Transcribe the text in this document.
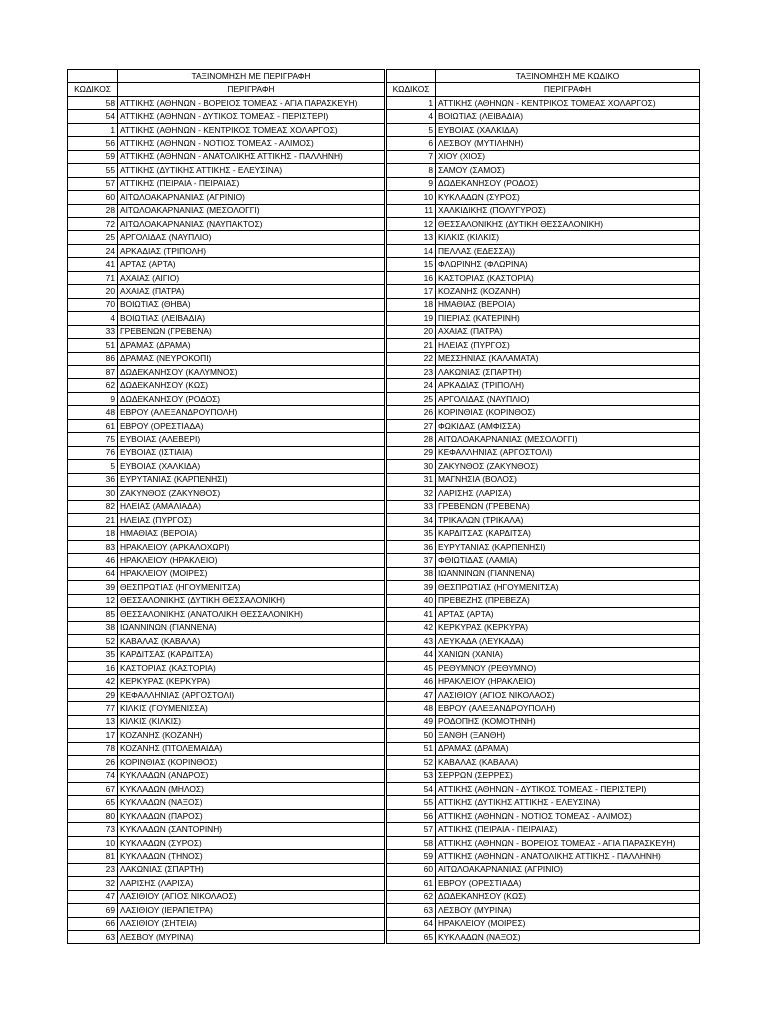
	ΤΑΞΙΝΟΜΗΣΗ ΜΕ ΠΕΡΙΓΡΑΦΗ
ΚΩΔΙΚΟΣ	ΠΕΡΙΓΡΑΦΗ
58	ΑΤΤΙΚΗΣ (ΑΘΗΝΩΝ - ΒΟΡΕΙΟΣ ΤΟΜΕΑΣ - ΑΓΙΑ ΠΑΡΑΣΚΕΥΗ)
54	ΑΤΤΙΚΗΣ (ΑΘΗΝΩΝ - ΔΥΤΙΚΟΣ ΤΟΜΕΑΣ - ΠΕΡΙΣΤΕΡΙ)
1	ΑΤΤΙΚΗΣ (ΑΘΗΝΩΝ - ΚΕΝΤΡΙΚΟΣ ΤΟΜΕΑΣ ΧΟΛΑΡΓΟΣ)
56	ΑΤΤΙΚΗΣ (ΑΘΗΝΩΝ - ΝΟΤΙΟΣ ΤΟΜΕΑΣ - ΑΛΙΜΟΣ)
59	ΑΤΤΙΚΗΣ (ΑΘΗΝΩΝ - ΑΝΑΤΟΛΙΚΗΣ ΑΤΤΙΚΗΣ - ΠΑΛΛΗΝΗ)
55	ΑΤΤΙΚΗΣ (ΔΥΤΙΚΗΣ ΑΤΤΙΚΗΣ - ΕΛΕΥΣΙΝΑ)
57	ΑΤΤΙΚΗΣ (ΠΕΙΡΑΙΑ - ΠΕΙΡΑΙΑΣ)
60	ΑΙΤΩΛΟΑΚΑΡΝΑΝΙΑΣ (ΑΓΡΙΝΙΟ)
28	ΑΙΤΩΛΟΑΚΑΡΝΑΝΙΑΣ (ΜΕΣΟΛΟΓΓΙ)
72	ΑΙΤΩΛΟΑΚΑΡΝΑΝΙΑΣ (ΝΑΥΠΑΚΤΟΣ)
25	ΑΡΓΟΛΙΔΑΣ (ΝΑΥΠΛΙΟ)
24	ΑΡΚΑΔΙΑΣ (ΤΡΙΠΟΛΗ)
41	ΑΡΤΑΣ (ΑΡΤΑ)
71	ΑΧΑΙΑΣ (ΑΙΓΙΟ)
20	ΑΧΑΙΑΣ (ΠΑΤΡΑ)
70	ΒΟΙΩΤΙΑΣ (ΘΗΒΑ)
4	ΒΟΙΩΤΙΑΣ (ΛΕΙΒΑΔΙΑ)
33	ΓΡΕΒΕΝΩΝ (ΓΡΕΒΕΝΑ)
51	ΔΡΑΜΑΣ (ΔΡΑΜΑ)
86	ΔΡΑΜΑΣ (ΝΕΥΡΟΚΟΠΙ)
87	ΔΩΔΕΚΑΝΗΣΟΥ (ΚΑΛΥΜΝΟΣ)
62	ΔΩΔΕΚΑΝΗΣΟΥ (ΚΩΣ)
9	ΔΩΔΕΚΑΝΗΣΟΥ (ΡΟΔΟΣ)
48	ΕΒΡΟΥ (ΑΛΕΞΑΝΔΡΟΥΠΟΛΗ)
61	ΕΒΡΟΥ (ΟΡΕΣΤΙΑΔΑ)
75	ΕΥΒΟΙΑΣ (ΑΛΕΒΕΡΙ)
76	ΕΥΒΟΙΑΣ (ΙΣΤΙΑΙΑ)
5	ΕΥΒΟΙΑΣ (ΧΑΛΚΙΔΑ)
36	ΕΥΡΥΤΑΝΙΑΣ (ΚΑΡΠΕΝΗΣΙ)
30	ΖΑΚΥΝΘΟΣ (ΖΑΚΥΝΘΟΣ)
82	ΗΛΕΙΑΣ (ΑΜΑΛΙΑΔΑ)
21	ΗΛΕΙΑΣ (ΠΥΡΓΟΣ)
18	ΗΜΑΘΙΑΣ (ΒΕΡΟΙΑ)
83	ΗΡΑΚΛΕΙΟΥ (ΑΡΚΑΛΟΧΩΡΙ)
46	ΗΡΑΚΛΕΙΟΥ (ΗΡΑΚΛΕΙΟ)
64	ΗΡΑΚΛΕΙΟΥ (ΜΟΙΡΕΣ)
39	ΘΕΣΠΡΩΤΙΑΣ (ΗΓΟΥΜΕΝΙΤΣΑ)
12	ΘΕΣΣΑΛΟΝΙΚΗΣ (ΔΥΤΙΚΗ ΘΕΣΣΑΛΟΝΙΚΗ)
85	ΘΕΣΣΑΛΟΝΙΚΗΣ (ΑΝΑΤΟΛΙΚΗ ΘΕΣΣΑΛΟΝΙΚΗ)
38	ΙΩΑΝΝΙΝΩΝ (ΓΙΑΝΝΕΝΑ)
52	ΚΑΒΑΛΑΣ (ΚΑΒΑΛΑ)
35	ΚΑΡΔΙΤΣΑΣ (ΚΑΡΔΙΤΣΑ)
16	ΚΑΣΤΟΡΙΑΣ (ΚΑΣΤΟΡΙΑ)
42	ΚΕΡΚΥΡΑΣ (ΚΕΡΚΥΡΑ)
29	ΚΕΦΑΛΛΗΝΙΑΣ (ΑΡΓΟΣΤΟΛΙ)
77	ΚΙΛΚΙΣ (ΓΟΥΜΕΝΙΣΣΑ)
13	ΚΙΛΚΙΣ (ΚΙΛΚΙΣ)
17	ΚΟΖΑΝΗΣ (ΚΟΖΑΝΗ)
78	ΚΟΖΑΝΗΣ (ΠΤΟΛΕΜΑΙΔΑ)
26	ΚΟΡΙΝΘΙΑΣ (ΚΟΡΙΝΘΟΣ)
74	ΚΥΚΛΑΔΩΝ (ΑΝΔΡΟΣ)
67	ΚΥΚΛΑΔΩΝ (ΜΗΛΟΣ)
65	ΚΥΚΛΑΔΩΝ (ΝΑΞΟΣ)
80	ΚΥΚΛΑΔΩΝ (ΠΑΡΟΣ)
73	ΚΥΚΛΑΔΩΝ (ΣΑΝΤΟΡΙΝΗ)
10	ΚΥΚΛΑΔΩΝ (ΣΥΡΟΣ)
81	ΚΥΚΛΑΔΩΝ (ΤΗΝΟΣ)
23	ΛΑΚΩΝΙΑΣ (ΣΠΑΡΤΗ)
32	ΛΑΡΙΣΗΣ (ΛΑΡΙΣΑ)
47	ΛΑΣΙΘΙΟΥ (ΑΓΙΟΣ ΝΙΚΟΛΑΟΣ)
69	ΛΑΣΙΘΙΟΥ (ΙΕΡΑΠΕΤΡΑ)
66	ΛΑΣΙΘΙΟΥ (ΣΗΤΕΙΑ)
63	ΛΕΣΒΟΥ (ΜΥΡΙΝΑ)
	ΤΑΞΙΝΟΜΗΣΗ ΜΕ ΚΩΔΙΚΟ
ΚΩΔΙΚΟΣ	ΠΕΡΙΓΡΑΦΗ
1	ΑΤΤΙΚΗΣ (ΑΘΗΝΩΝ - ΚΕΝΤΡΙΚΟΣ ΤΟΜΕΑΣ ΧΟΛΑΡΓΟΣ)
4	ΒΟΙΩΤΙΑΣ (ΛΕΙΒΑΔΙΑ)
5	ΕΥΒΟΙΑΣ (ΧΑΛΚΙΔΑ)
6	ΛΕΣΒΟΥ (ΜΥΤΙΛΗΝΗ)
7	ΧΙΟΥ (ΧΙΟΣ)
8	ΣΑΜΟΥ (ΣΑΜΟΣ)
9	ΔΩΔΕΚΑΝΗΣΟΥ (ΡΟΔΟΣ)
10	ΚΥΚΛΑΔΩΝ (ΣΥΡΟΣ)
11	ΧΑΛΚΙΔΙΚΗΣ (ΠΟΛΥΓΥΡΟΣ)
12	ΘΕΣΣΑΛΟΝΙΚΗΣ (ΔΥΤΙΚΗ ΘΕΣΣΑΛΟΝΙΚΗ)
13	ΚΙΛΚΙΣ (ΚΙΛΚΙΣ)
14	ΠΕΛΛΑΣ (ΕΔΕΣΣΑ))
15	ΦΛΩΡΙΝΗΣ (ΦΛΩΡΙΝΑ)
16	ΚΑΣΤΟΡΙΑΣ (ΚΑΣΤΟΡΙΑ)
17	ΚΟΖΑΝΗΣ (ΚΟΖΑΝΗ)
18	ΗΜΑΘΙΑΣ (ΒΕΡΟΙΑ)
19	ΠΙΕΡΙΑΣ (ΚΑΤΕΡΙΝΗ)
20	ΑΧΑΙΑΣ (ΠΑΤΡΑ)
21	ΗΛΕΙΑΣ (ΠΥΡΓΟΣ)
22	ΜΕΣΣΗΝΙΑΣ (ΚΑΛΑΜΑΤΑ)
23	ΛΑΚΩΝΙΑΣ (ΣΠΑΡΤΗ)
24	ΑΡΚΑΔΙΑΣ (ΤΡΙΠΟΛΗ)
25	ΑΡΓΟΛΙΔΑΣ (ΝΑΥΠΛΙΟ)
26	ΚΟΡΙΝΘΙΑΣ (ΚΟΡΙΝΘΟΣ)
27	ΦΩΚΙΔΑΣ (ΑΜΦΙΣΣΑ)
28	ΑΙΤΩΛΟΑΚΑΡΝΑΝΙΑΣ (ΜΕΣΟΛΟΓΓΙ)
29	ΚΕΦΑΛΛΗΝΙΑΣ (ΑΡΓΟΣΤΟΛΙ)
30	ΖΑΚΥΝΘΟΣ (ΖΑΚΥΝΘΟΣ)
31	ΜΑΓΝΗΣΙΑ (ΒΟΛΟΣ)
32	ΛΑΡΙΣΗΣ (ΛΑΡΙΣΑ)
33	ΓΡΕΒΕΝΩΝ (ΓΡΕΒΕΝΑ)
34	ΤΡΙΚΑΛΩΝ (ΤΡΙΚΑΛΑ)
35	ΚΑΡΔΙΤΣΑΣ (ΚΑΡΔΙΤΣΑ)
36	ΕΥΡΥΤΑΝΙΑΣ (ΚΑΡΠΕΝΗΣΙ)
37	ΦΘΙΩΤΙΔΑΣ (ΛΑΜΙΑ)
38	ΙΩΑΝΝΙΝΩΝ (ΓΙΑΝΝΕΝΑ)
39	ΘΕΣΠΡΩΤΙΑΣ (ΗΓΟΥΜΕΝΙΤΣΑ)
40	ΠΡΕΒΕΖΗΣ (ΠΡΕΒΕΖΑ)
41	ΑΡΤΑΣ (ΑΡΤΑ)
42	ΚΕΡΚΥΡΑΣ (ΚΕΡΚΥΡΑ)
43	ΛΕΥΚΑΔΑ (ΛΕΥΚΑΔΑ)
44	ΧΑΝΙΩΝ (ΧΑΝΙΑ)
45	ΡΕΘΥΜΝΟΥ (ΡΕΘΥΜΝΟ)
46	ΗΡΑΚΛΕΙΟΥ (ΗΡΑΚΛΕΙΟ)
47	ΛΑΣΙΘΙΟΥ (ΑΓΙΟΣ ΝΙΚΟΛΑΟΣ)
48	ΕΒΡΟΥ (ΑΛΕΞΑΝΔΡΟΥΠΟΛΗ)
49	ΡΟΔΟΠΗΣ (ΚΟΜΟΤΗΝΗ)
50	ΞΑΝΘΗ (ΞΑΝΘΗ)
51	ΔΡΑΜΑΣ (ΔΡΑΜΑ)
52	ΚΑΒΑΛΑΣ (ΚΑΒΑΛΑ)
53	ΣΕΡΡΩΝ (ΣΕΡΡΕΣ)
54	ΑΤΤΙΚΗΣ (ΑΘΗΝΩΝ - ΔΥΤΙΚΟΣ ΤΟΜΕΑΣ - ΠΕΡΙΣΤΕΡΙ)
55	ΑΤΤΙΚΗΣ (ΔΥΤΙΚΗΣ ΑΤΤΙΚΗΣ - ΕΛΕΥΣΙΝΑ)
56	ΑΤΤΙΚΗΣ (ΑΘΗΝΩΝ - ΝΟΤΙΟΣ ΤΟΜΕΑΣ - ΑΛΙΜΟΣ)
57	ΑΤΤΙΚΗΣ (ΠΕΙΡΑΙΑ - ΠΕΙΡΑΙΑΣ)
58	ΑΤΤΙΚΗΣ (ΑΘΗΝΩΝ - ΒΟΡΕΙΟΣ ΤΟΜΕΑΣ - ΑΓΙΑ ΠΑΡΑΣΚΕΥΗ)
59	ΑΤΤΙΚΗΣ (ΑΘΗΝΩΝ - ΑΝΑΤΟΛΙΚΗΣ ΑΤΤΙΚΗΣ - ΠΑΛΛΗΝΗ)
60	ΑΙΤΩΛΟΑΚΑΡΝΑΝΙΑΣ (ΑΓΡΙΝΙΟ)
61	ΕΒΡΟΥ (ΟΡΕΣΤΙΑΔΑ)
62	ΔΩΔΕΚΑΝΗΣΟΥ (ΚΩΣ)
63	ΛΕΣΒΟΥ (ΜΥΡΙΝΑ)
64	ΗΡΑΚΛΕΙΟΥ (ΜΟΙΡΕΣ)
65	ΚΥΚΛΑΔΩΝ (ΝΑΞΟΣ)
